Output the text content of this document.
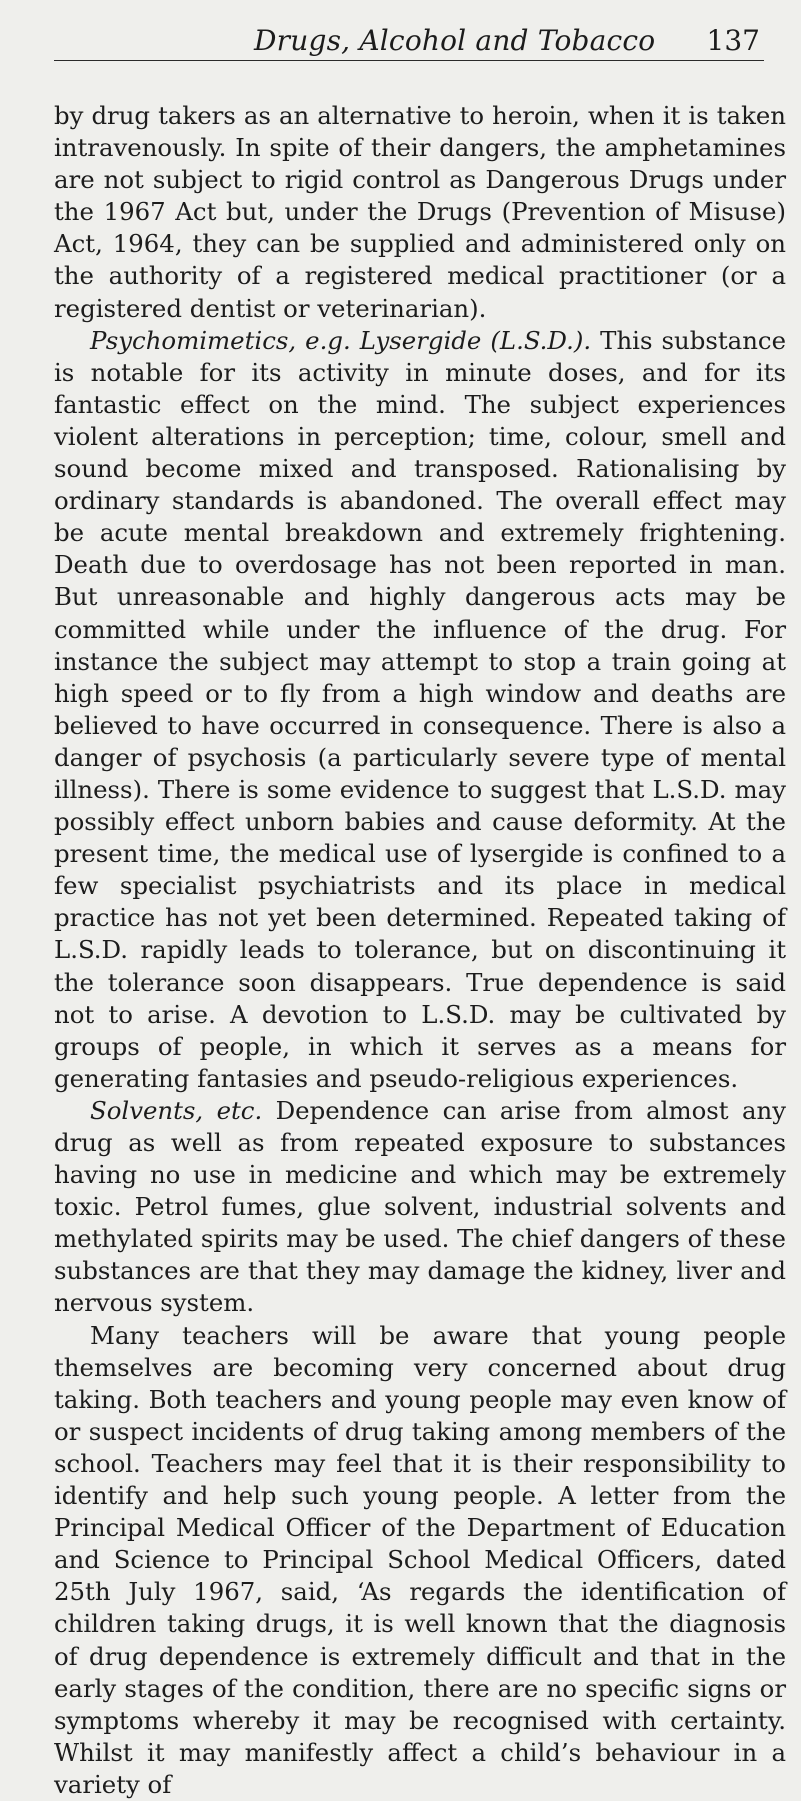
Drugs, Alcohol and Tobacco 137

by drug takers as an alternative to heroin, when it is taken intravenously. In spite of their dangers, the amphetamines are not subject to rigid control as Dangerous Drugs under the 1967 Act but, under the Drugs (Prevention of Misuse) Act, 1964, they can be supplied and administered only on the authority of a registered medical practitioner (or a registered dentist or veterinarian).

Psychomimetics, e.g. Lysergide (L.S.D.). This substance is notable for its activity in minute doses, and for its fantastic effect on the mind. The subject experiences violent alterations in perception; time, colour, smell and sound become mixed and transposed. Rationalising by ordinary standards is abandoned. The overall effect may be acute mental breakdown and extremely frightening. Death due to overdosage has not been reported in man. But unreasonable and highly dangerous acts may be committed while under the influence of the drug. For instance the subject may attempt to stop a train going at high speed or to fly from a high window and deaths are believed to have occurred in consequence. There is also a danger of psychosis (a particularly severe type of mental illness). There is some evidence to suggest that L.S.D. may possibly effect unborn babies and cause deformity. At the present time, the medical use of lysergide is confined to a few specialist psychiatrists and its place in medical practice has not yet been determined. Repeated taking of L.S.D. rapidly leads to tolerance, but on discontinuing it the tolerance soon disappears. True dependence is said not to arise. A devotion to L.S.D. may be cultivated by groups of people, in which it serves as a means for generating fantasies and pseudo-religious experiences.

Solvents, etc. Dependence can arise from almost any drug as well as from repeated exposure to substances having no use in medicine and which may be extremely toxic. Petrol fumes, glue solvent, industrial solvents and methylated spirits may be used. The chief dangers of these substances are that they may damage the kidney, liver and nervous system.

Many teachers will be aware that young people themselves are becoming very concerned about drug taking. Both teachers and young people may even know of or suspect incidents of drug taking among members of the school. Teachers may feel that it is their responsibility to identify and help such young people. A letter from the Principal Medical Officer of the Department of Education and Science to Principal School Medical Officers, dated 25th July 1967, said, ‘As regards the identification of children taking drugs, it is well known that the diagnosis of drug dependence is extremely difficult and that in the early stages of the condition, there are no specific signs or symptoms whereby it may be recognised with certainty. Whilst it may manifestly affect a child’s behaviour in a variety of
